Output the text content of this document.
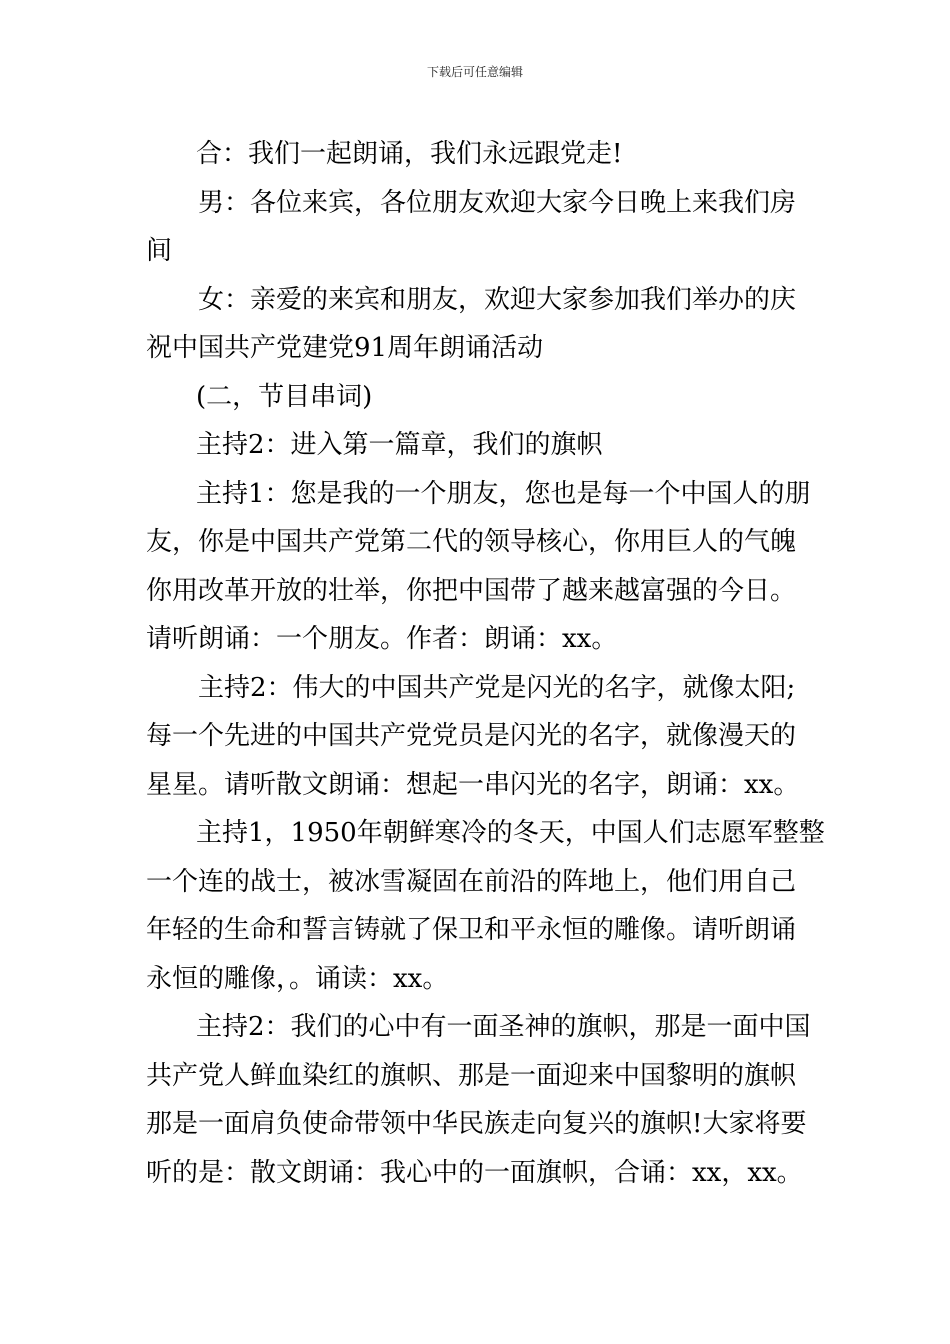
下载后可任意编辑

合：我们一起朗诵，我们永远跟党走!

男：各位来宾，各位朋友欢迎大家今日晚上来我们房

间

女：亲爱的来宾和朋友，欢迎大家参加我们举办的庆

祝中国共产党建党91周年朗诵活动

(二，节目串词)

主持2：进入第一篇章，我们的旗帜

主持1：您是我的一个朋友，您也是每一个中国人的朋

友，你是中国共产党第二代的领导核心，你用巨人的气魄

你用改革开放的壮举，你把中国带了越来越富强的今日。

请听朗诵：一个朋友。作者：朗诵：xx。

主持2：伟大的中国共产党是闪光的名字，就像太阳;

每一个先进的中国共产党党员是闪光的名字，就像漫天的

星星。请听散文朗诵：想起一串闪光的名字，朗诵：xx。

主持1，1950年朝鲜寒冷的冬天，中国人们志愿军整整

一个连的战士，被冰雪凝固在前沿的阵地上，他们用自己

年轻的生命和誓言铸就了保卫和平永恒的雕像。请听朗诵

永恒的雕像，。诵读：xx。

主持2：我们的心中有一面圣神的旗帜，那是一面中国

共产党人鲜血染红的旗帜、那是一面迎来中国黎明的旗帜

那是一面肩负使命带领中华民族走向复兴的旗帜!大家将要

听的是：散文朗诵：我心中的一面旗帜，合诵：xx，xx。
